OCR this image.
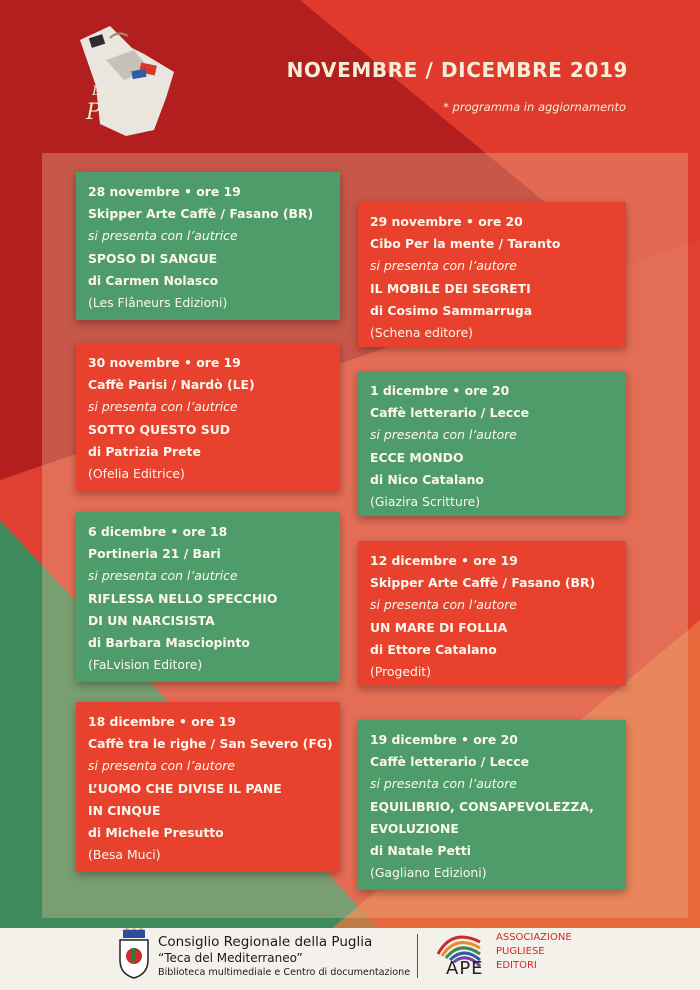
Libri di
Puglia
NOVEMBRE / DICEMBRE 2019

* programma in aggiornamento

28 novembre • ore 19
Skipper Arte Caffè / Fasano (BR)
si presenta con l’autrice
SPOSO DI SANGUE
di Carmen Nolasco
(Les Flâneurs Edizioni)
29 novembre • ore 20
Cibo Per la mente / Taranto
si presenta con l’autore
IL MOBILE DEI SEGRETI
di Cosimo Sammarruga
(Schena editore)
30 novembre • ore 19
Caffè Parisi / Nardò (LE)
si presenta con l’autrice
SOTTO QUESTO SUD
di Patrizia Prete
(Ofelia Editrice)
1 dicembre • ore 20
Caffè letterario / Lecce
si presenta con l’autore
ECCE MONDO
di Nico Catalano
(Giazira Scritture)
6 dicembre • ore 18
Portineria 21 / Bari
si presenta con l’autrice
RIFLESSA NELLO SPECCHIO
DI UN NARCISISTA
di Barbara Masciopinto
(FaLvision Editore)
12 dicembre • ore 19
Skipper Arte Caffè / Fasano (BR)
si presenta con l’autore
UN MARE DI FOLLIA
di Ettore Catalano
(Progedit)
18 dicembre • ore 19
Caffè tra le righe / San Severo (FG)
si presenta con l’autore
L’UOMO CHE DIVISE IL PANE
IN CINQUE
di Michele Presutto
(Besa Muci)
19 dicembre • ore 20
Caffè letterario / Lecce
si presenta con l’autore
EQUILIBRIO, CONSAPEVOLEZZA,
EVOLUZIONE
di Natale Petti
(Gagliano Edizioni)
Consiglio Regionale della Puglia
“Teca del Mediterraneo”
Biblioteca multimediale e Centro di documentazione APE
ASSOCIAZIONE
PUGLIESE
EDITORI
